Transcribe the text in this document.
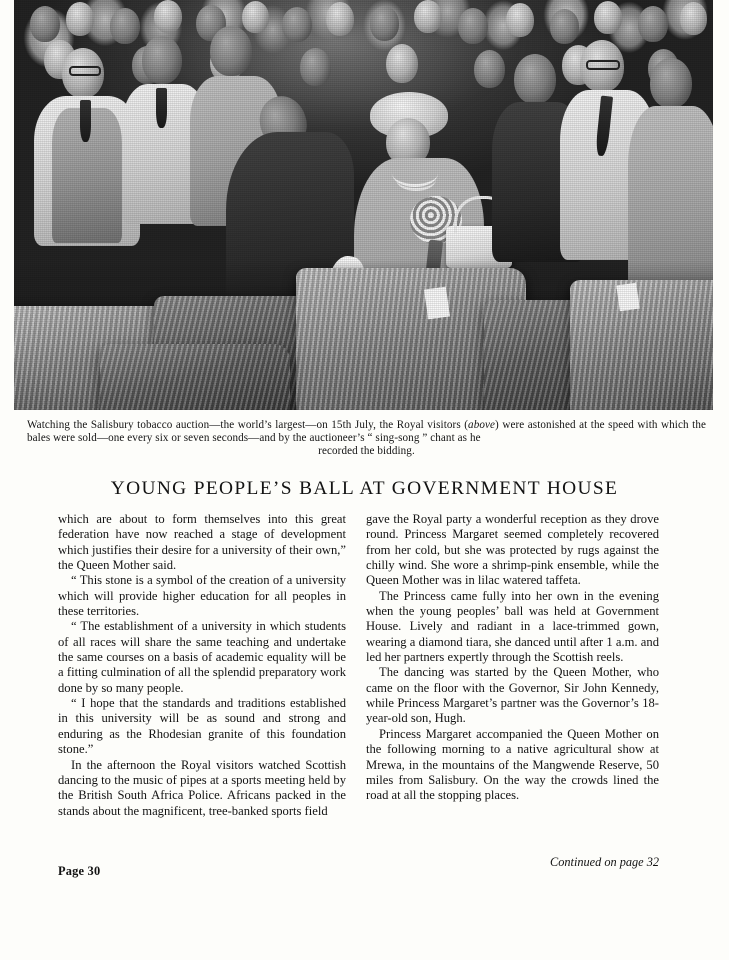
Watching the Salisbury tobacco auction—the world’s largest—on 15th July, the Royal visitors (above) were astonished at the speed with which the bales were sold—one every six or seven seconds—and by the auctioneer’s “ sing-song ” chant as he
recorded the bidding.
YOUNG PEOPLE’S BALL AT GOVERNMENT HOUSE

which are about to form themselves into this great federation have now reached a stage of development which justifies their desire for a university of their own,” the Queen Mother said.

“ This stone is a symbol of the creation of a university which will provide higher education for all peoples in these territories.

“ The establishment of a university in which students of all races will share the same teaching and undertake the same courses on a basis of academic equality will be a fitting culmination of all the splendid preparatory work done by so many people.

“ I hope that the standards and traditions established in this university will be as sound and strong and enduring as the Rhodesian granite of this foundation stone.”

In the afternoon the Royal visitors watched Scottish dancing to the music of pipes at a sports meeting held by the British South Africa Police. Africans packed in the stands about the magnificent, tree-banked sports field

gave the Royal party a wonderful reception as they drove round. Princess Margaret seemed completely recovered from her cold, but she was protected by rugs against the chilly wind. She wore a shrimp-pink ensemble, while the Queen Mother was in lilac watered taffeta.

The Princess came fully into her own in the evening when the young peoples’ ball was held at Government House. Lively and radiant in a lace-trimmed gown, wearing a diamond tiara, she danced until after 1 a.m. and led her partners expertly through the Scottish reels.

The dancing was started by the Queen Mother, who came on the floor with the Governor, Sir John Kennedy, while Princess Margaret’s partner was the Governor’s 18-year-old son, Hugh.

Princess Margaret accompanied the Queen Mother on the following morning to a native agricultural show at Mrewa, in the mountains of the Mangwende Reserve, 50 miles from Salisbury. On the way the crowds lined the road at all the stopping places.

Continued on page 32
Page 30
